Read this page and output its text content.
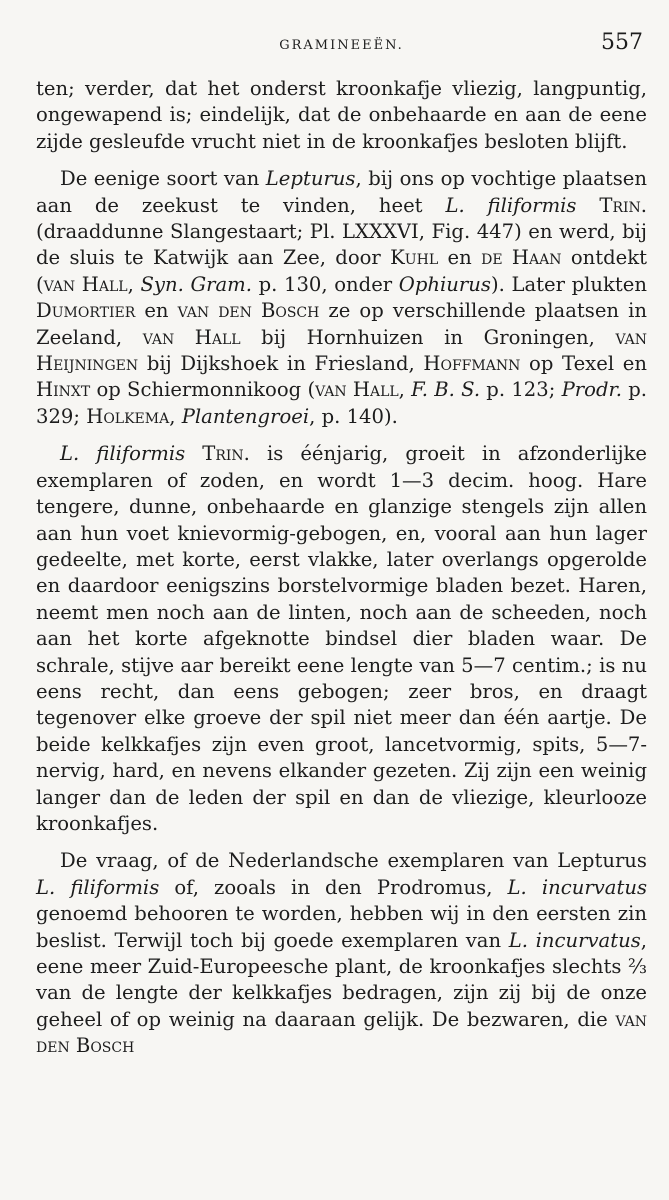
GRAMINEEËN.	557

ten; verder, dat het onderst kroonkafje vliezig, langpuntig, ongewapend is; eindelijk, dat de onbehaarde en aan de eene zijde gesleufde vrucht niet in de kroonkafjes besloten blijft.

De eenige soort van Lepturus, bij ons op vochtige plaatsen aan de zeekust te vinden, heet L. filiformis Trin. (draaddunne Slangestaart; Pl. LXXXVI, Fig. 447) en werd, bij de sluis te Katwijk aan Zee, door Kuhl en de Haan ontdekt (van Hall, Syn. Gram. p. 130, onder Ophiurus). Later plukten Dumortier en van den Bosch ze op verschillende plaatsen in Zeeland, van Hall bij Hornhuizen in Groningen, van Heijningen bij Dijkshoek in Friesland, Hoffmann op Texel en Hinxt op Schiermonnikoog (van Hall, F. B. S. p. 123; Prodr. p. 329; Holkema, Plantengroei, p. 140).

L. filiformis Trin. is éénjarig, groeit in afzonderlijke exemplaren of zoden, en wordt 1—3 decim. hoog. Hare tengere, dunne, onbehaarde en glanzige stengels zijn allen aan hun voet knievormig-gebogen, en, vooral aan hun lager gedeelte, met korte, eerst vlakke, later overlangs opgerolde en daardoor eenigszins borstelvormige bladen bezet. Haren, neemt men noch aan de linten, noch aan de scheeden, noch aan het korte afgeknotte bindsel dier bladen waar. De schrale, stijve aar bereikt eene lengte van 5—7 centim.; is nu eens recht, dan eens gebogen; zeer bros, en draagt tegenover elke groeve der spil niet meer dan één aartje. De beide kelkkafjes zijn even groot, lancetvormig, spits, 5—7-nervig, hard, en nevens elkander gezeten. Zij zijn een weinig langer dan de leden der spil en dan de vliezige, kleurlooze kroonkafjes.

De vraag, of de Nederlandsche exemplaren van Lepturus L. filiformis of, zooals in den Prodromus, L. incurvatus genoemd behooren te worden, hebben wij in den eersten zin beslist. Terwijl toch bij goede exemplaren van L. incurvatus, eene meer Zuid-Europeesche plant, de kroonkafjes slechts ⅔ van de lengte der kelkkafjes bedragen, zijn zij bij de onze geheel of op weinig na daaraan gelijk. De bezwaren, die van den Bosch
